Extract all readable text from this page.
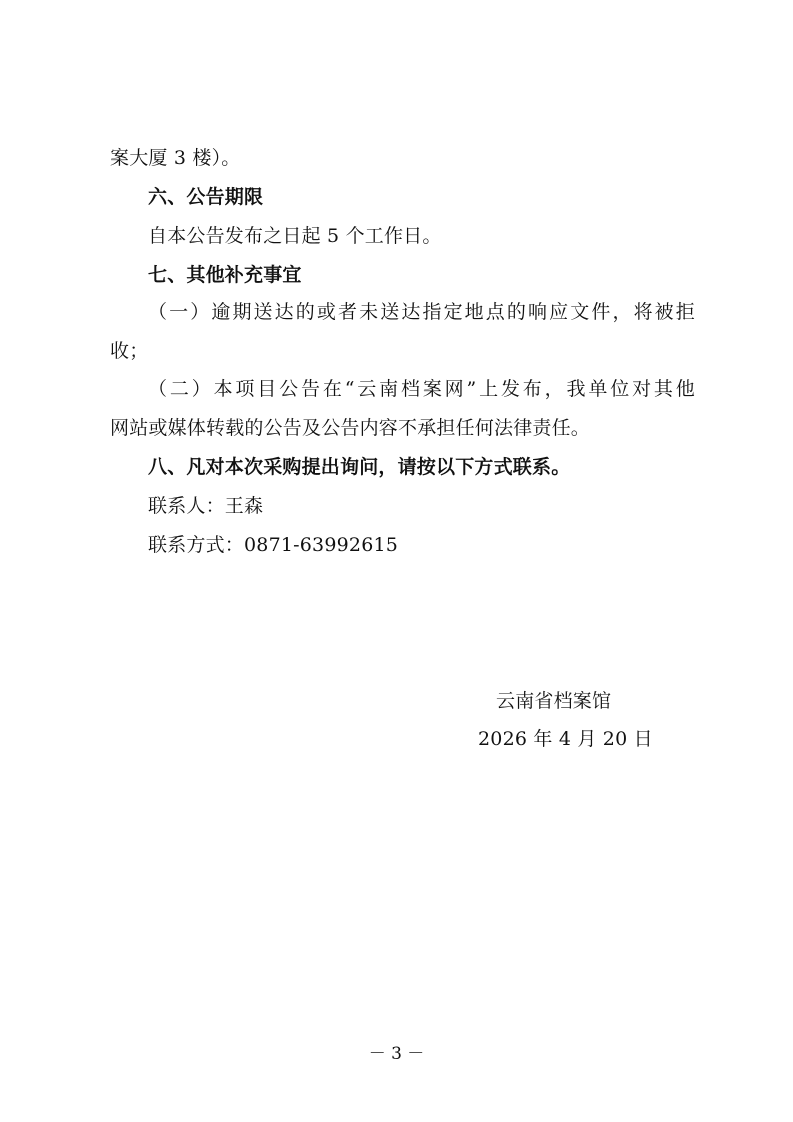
案大厦 3 楼）。
六、公告期限
自本公告发布之日起 5 个工作日。
七、其他补充事宜
（一）逾期送达的或者未送达指定地点的响应文件，将被拒
收；
（二）本项目公告在“云南档案网”上发布，我单位对其他
网站或媒体转载的公告及公告内容不承担任何法律责任。
八、凡对本次采购提出询问，请按以下方式联系。
联系人：王森
联系方式：0871-63992615
云南省档案馆
2026 年 4 月 20 日
－ 3 －
